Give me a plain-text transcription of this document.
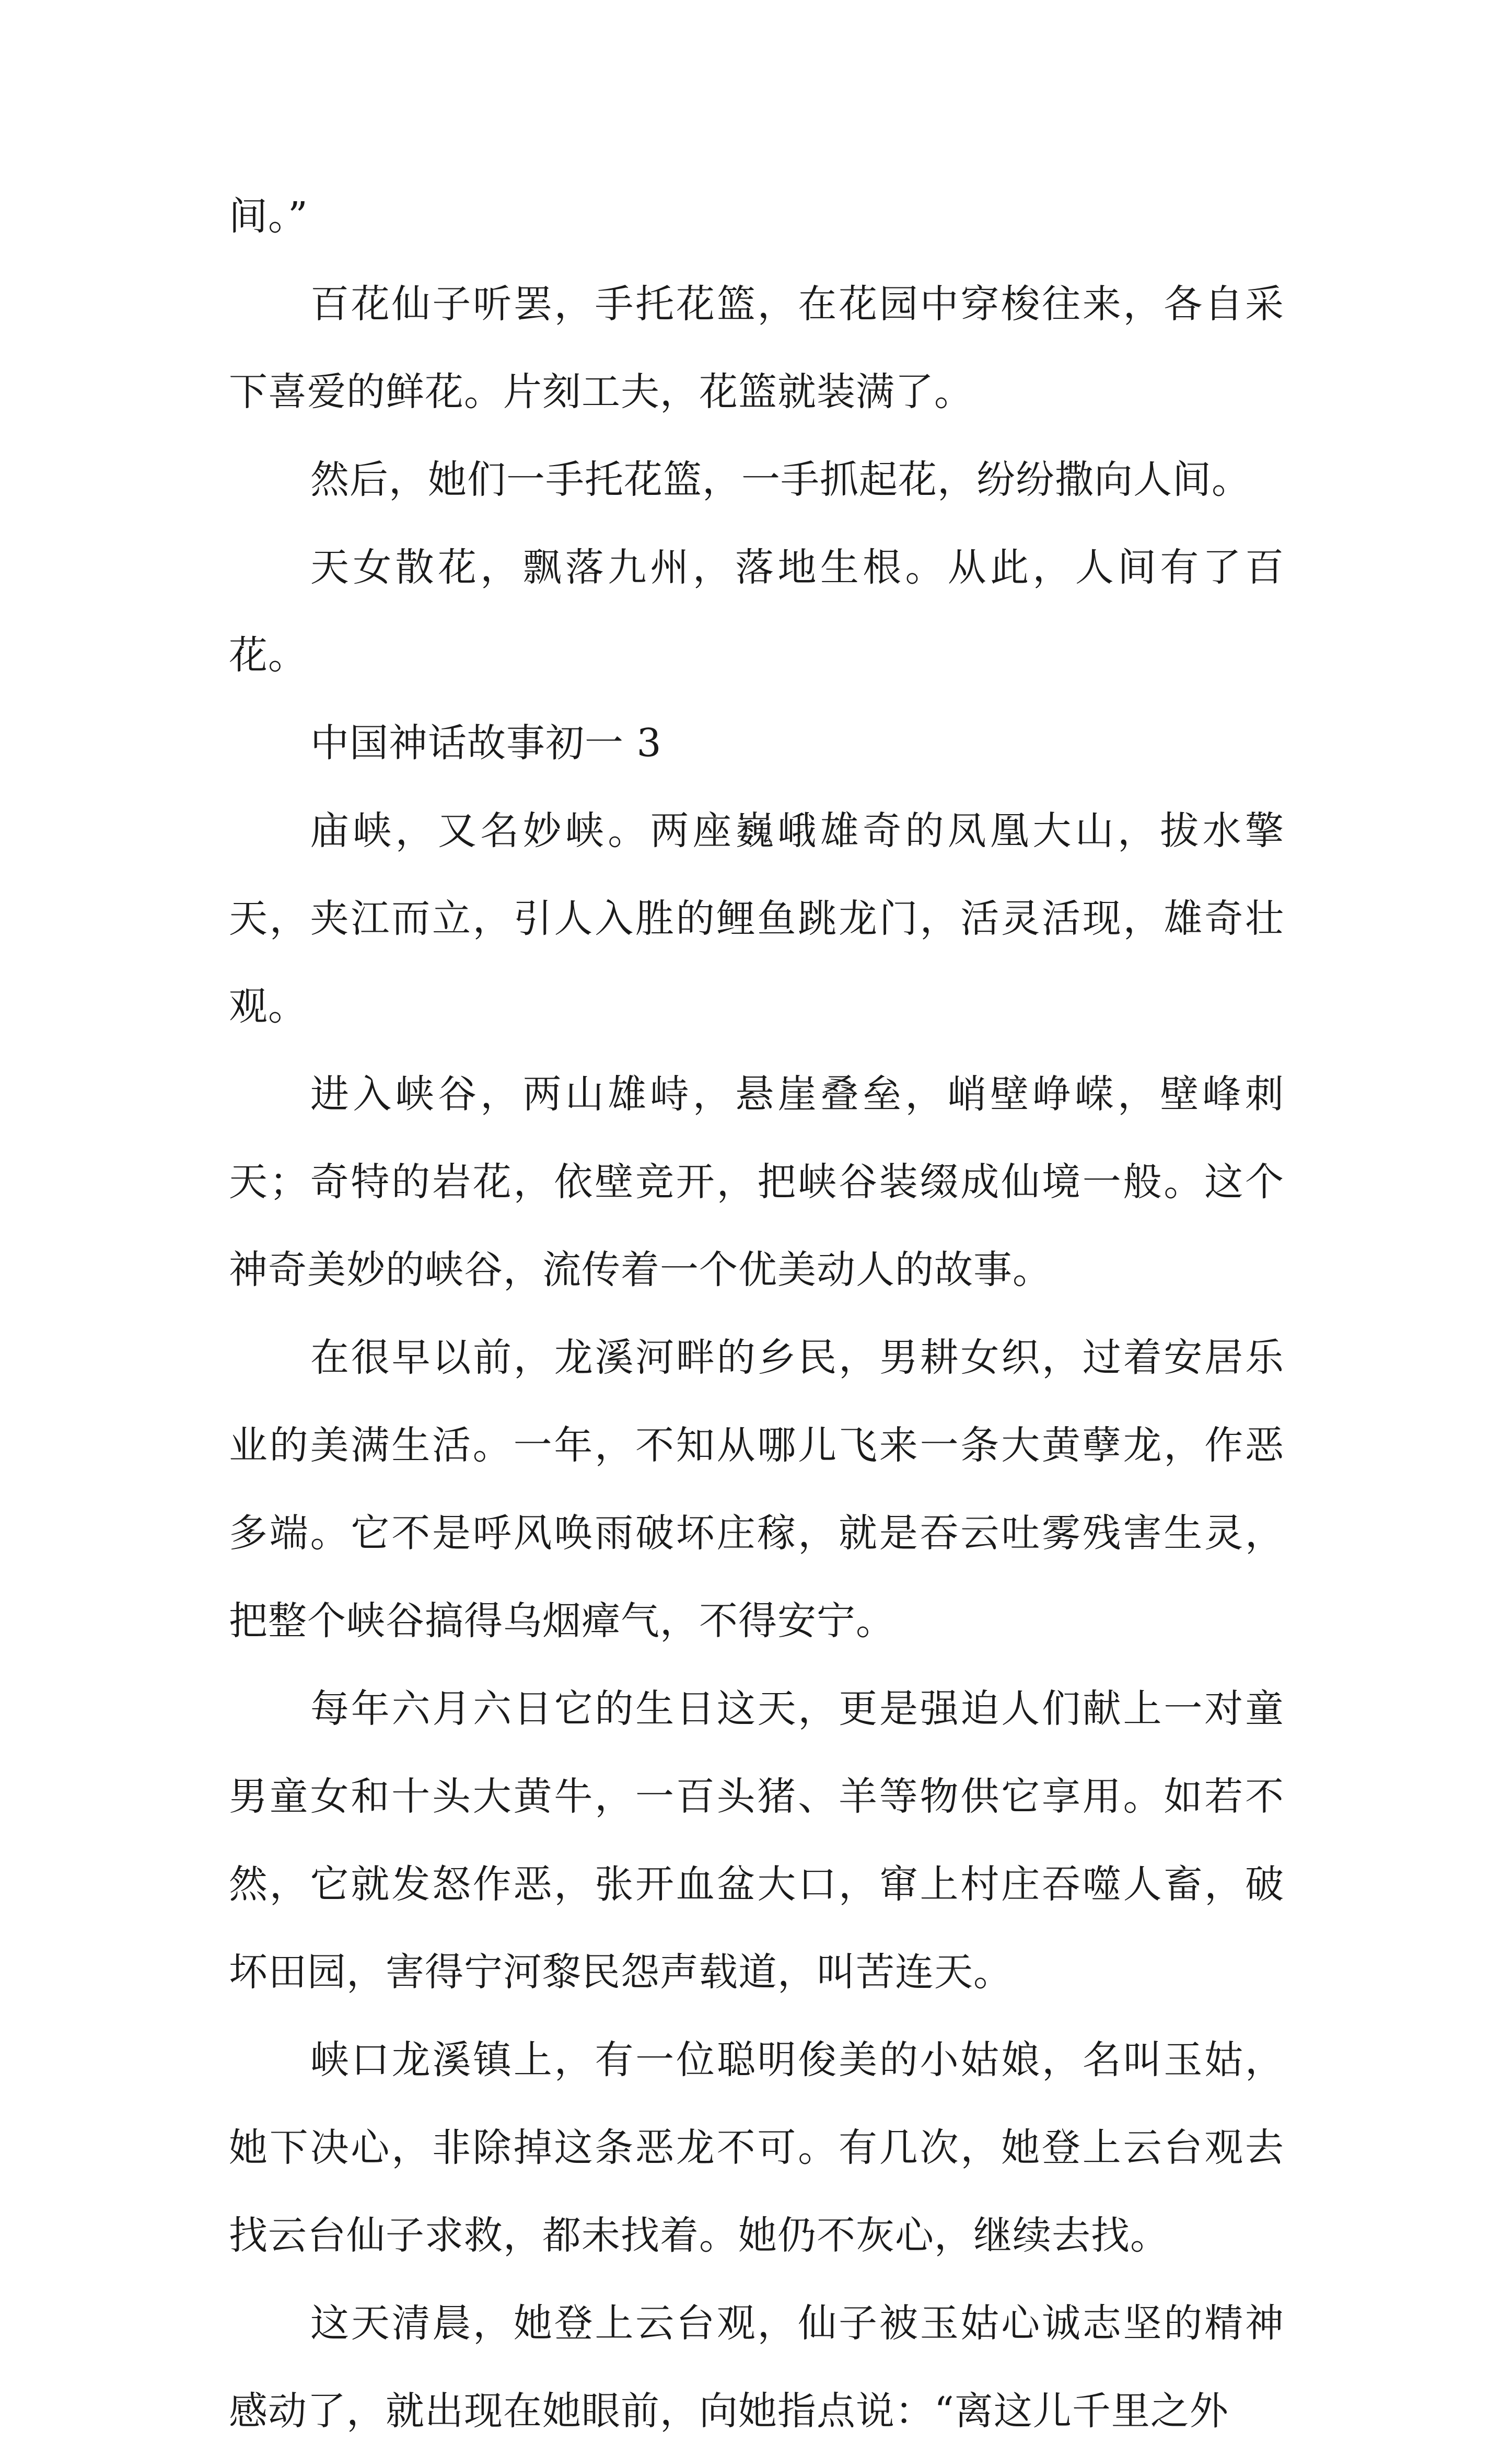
间。”

百花仙子听罢，手托花篮，在花园中穿梭往来，各自采下喜爱的鲜花。片刻工夫，花篮就装满了。

然后，她们一手托花篮，一手抓起花，纷纷撒向人间。

天女散花，飘落九州，落地生根。从此，人间有了百花。

中国神话故事初一 3

庙峡，又名妙峡。两座巍峨雄奇的凤凰大山，拔水擎天，夹江而立，引人入胜的鲤鱼跳龙门，活灵活现，雄奇壮观。

进入峡谷，两山雄峙，悬崖叠垒，峭壁峥嵘，壁峰刺天；奇特的岩花，依壁竞开，把峡谷装缀成仙境一般。这个神奇美妙的峡谷，流传着一个优美动人的故事。

在很早以前，龙溪河畔的乡民，男耕女织，过着安居乐业的美满生活。一年，不知从哪儿飞来一条大黄孽龙，作恶多端。它不是呼风唤雨破坏庄稼，就是吞云吐雾残害生灵，把整个峡谷搞得乌烟瘴气，不得安宁。

每年六月六日它的生日这天，更是强迫人们献上一对童男童女和十头大黄牛，一百头猪、羊等物供它享用。如若不然，它就发怒作恶，张开血盆大口，窜上村庄吞噬人畜，破坏田园，害得宁河黎民怨声载道，叫苦连天。

峡口龙溪镇上，有一位聪明俊美的小姑娘，名叫玉姑，她下决心，非除掉这条恶龙不可。有几次，她登上云台观去找云台仙子求救，都未找着。她仍不灰心，继续去找。

这天清晨，她登上云台观，仙子被玉姑心诚志坚的精神感动了，就出现在她眼前，向她指点说：“离这儿千里之外
